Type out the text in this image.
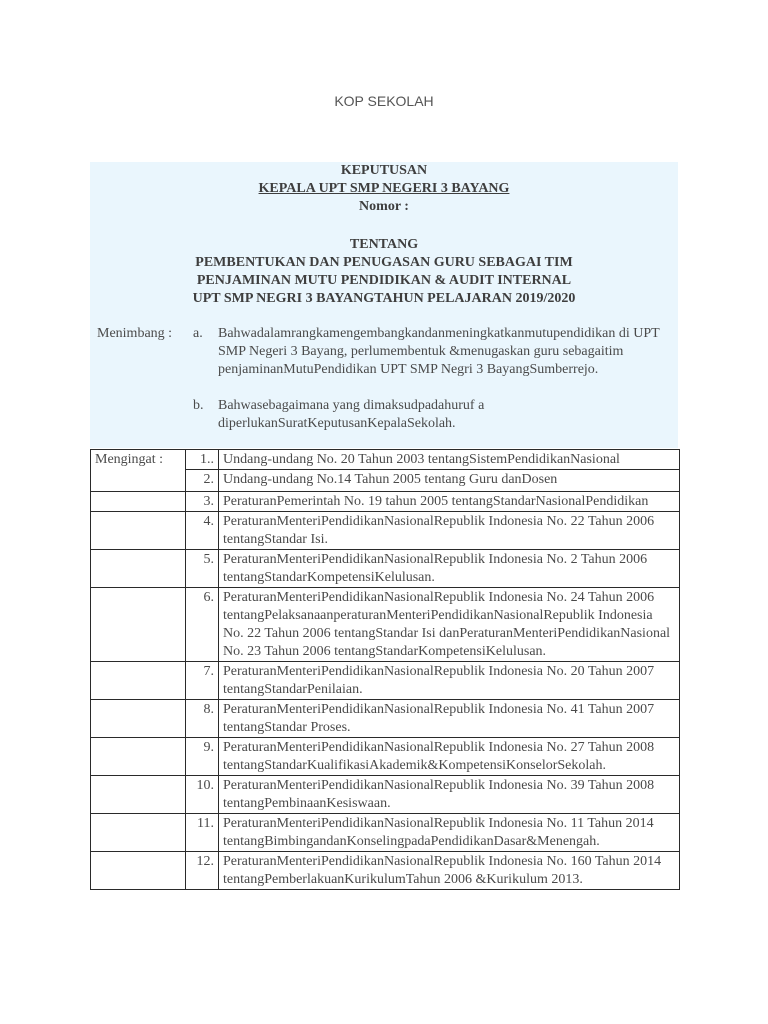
KOP SEKOLAH
KEPUTUSAN
KEPALA UPT SMP NEGERI 3 BAYANG
Nomor :
TENTANG
PEMBENTUKAN DAN PENUGASAN GURU SEBAGAI TIM
PENJAMINAN MUTU PENDIDIKAN & AUDIT INTERNAL
UPT SMP NEGRI 3 BAYANGTAHUN PELAJARAN 2019/2020
Menimbang : a.	Bahwadalamrangkamengembangkandanmeningkatkanmutupendidikan di UPT SMP Negeri 3 Bayang, perlumembentuk &menugaskan guru sebagaitim penjaminanMutuPendidikan UPT SMP Negri 3 BayangSumberrejo.
b.	Bahwasebagaimana yang dimaksudpadahuruf a diperlukanSuratKeputusanKepalaSekolah.
Mengingat :	1..	Undang-undang No. 20 Tahun 2003 tentangSistemPendidikanNasional
	2.	Undang-undang No.14 Tahun 2005 tentang Guru danDosen
	3.	PeraturanPemerintah No. 19 tahun 2005 tentangStandarNasionalPendidikan
	4.	PeraturanMenteriPendidikanNasionalRepublik Indonesia No. 22 Tahun 2006 tentangStandar Isi.
	5.	PeraturanMenteriPendidikanNasionalRepublik Indonesia No. 2 Tahun 2006 tentangStandarKompetensiKelulusan.
	6.	PeraturanMenteriPendidikanNasionalRepublik Indonesia No. 24 Tahun 2006 tentangPelaksanaanperaturanMenteriPendidikanNasionalRepublik Indonesia No. 22 Tahun 2006 tentangStandar Isi danPeraturanMenteriPendidikanNasional No. 23 Tahun 2006 tentangStandarKompetensiKelulusan.
	7.	PeraturanMenteriPendidikanNasionalRepublik Indonesia No. 20 Tahun 2007 tentangStandarPenilaian.
	8.	PeraturanMenteriPendidikanNasionalRepublik Indonesia No. 41 Tahun 2007 tentangStandar Proses.
	9.	PeraturanMenteriPendidikanNasionalRepublik Indonesia No. 27 Tahun 2008 tentangStandarKualifikasiAkademik&KompetensiKonselorSekolah.
	10.	PeraturanMenteriPendidikanNasionalRepublik Indonesia No. 39 Tahun 2008 tentangPembinaanKesiswaan.
	11.	PeraturanMenteriPendidikanNasionalRepublik Indonesia No. 11 Tahun 2014 tentangBimbingandanKonselingpadaPendidikanDasar&Menengah.
	12.	PeraturanMenteriPendidikanNasionalRepublik Indonesia No. 160 Tahun 2014 tentangPemberlakuanKurikulumTahun 2006 &Kurikulum 2013.
